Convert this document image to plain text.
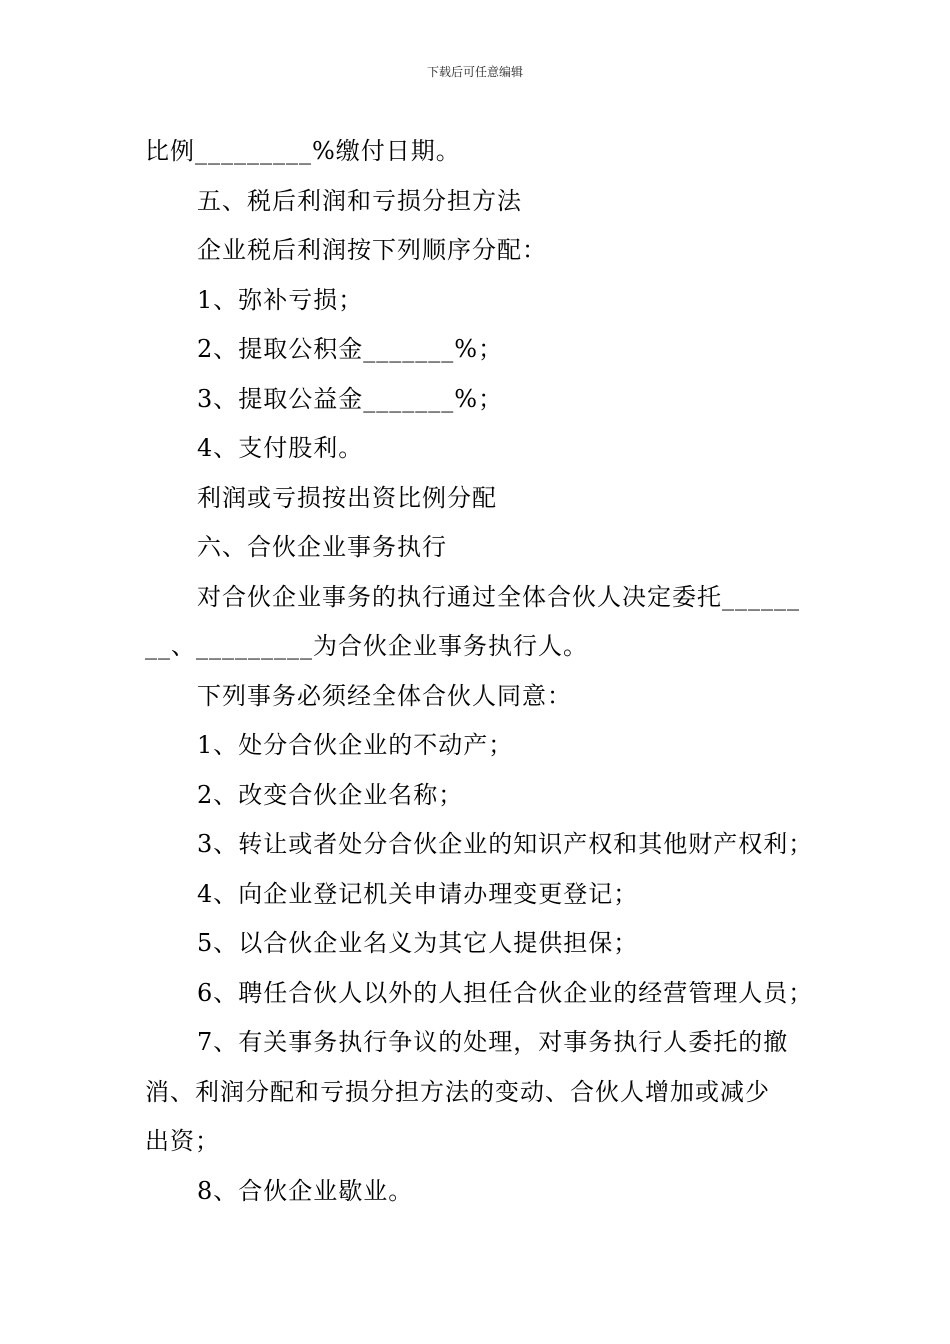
下载后可任意编辑
比例_________%缴付日期。
五、税后利润和亏损分担方法
企业税后利润按下列顺序分配：
1、弥补亏损；
2、提取公积金_______%；
3、提取公益金_______%；
4、支付股利。
利润或亏损按出资比例分配
六、合伙企业事务执行
对合伙企业事务的执行通过全体合伙人决定委托______
__、_________为合伙企业事务执行人。
下列事务必须经全体合伙人同意：
1、处分合伙企业的不动产；
2、改变合伙企业名称；
3、转让或者处分合伙企业的知识产权和其他财产权利；
4、向企业登记机关申请办理变更登记；
5、以合伙企业名义为其它人提供担保；
6、聘任合伙人以外的人担任合伙企业的经营管理人员；
7、有关事务执行争议的处理，对事务执行人委托的撤
消、利润分配和亏损分担方法的变动、合伙人增加或减少
出资；
8、合伙企业歇业。
